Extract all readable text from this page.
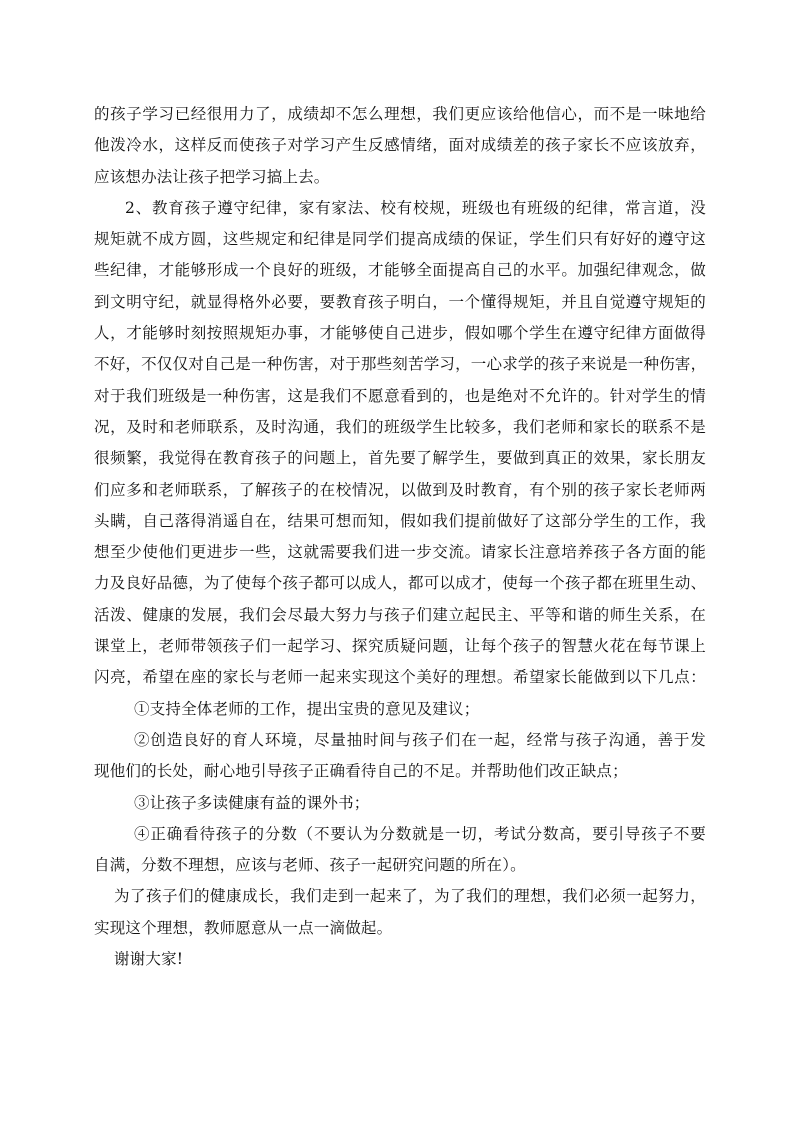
的孩子学习已经很用力了，成绩却不怎么理想，我们更应该给他信心，而不是一味地给
他泼冷水，这样反而使孩子对学习产生反感情绪，面对成绩差的孩子家长不应该放弃，
应该想办法让孩子把学习搞上去。
2、教育孩子遵守纪律，家有家法、校有校规，班级也有班级的纪律，常言道，没
规矩就不成方圆，这些规定和纪律是同学们提高成绩的保证，学生们只有好好的遵守这
些纪律，才能够形成一个良好的班级，才能够全面提高自己的水平。加强纪律观念，做
到文明守纪，就显得格外必要，要教育孩子明白，一个懂得规矩，并且自觉遵守规矩的
人，才能够时刻按照规矩办事，才能够使自己进步，假如哪个学生在遵守纪律方面做得
不好，不仅仅对自己是一种伤害，对于那些刻苦学习，一心求学的孩子来说是一种伤害，
对于我们班级是一种伤害，这是我们不愿意看到的，也是绝对不允许的。针对学生的情
况，及时和老师联系，及时沟通，我们的班级学生比较多，我们老师和家长的联系不是
很频繁，我觉得在教育孩子的问题上，首先要了解学生，要做到真正的效果，家长朋友
们应多和老师联系，了解孩子的在校情况，以做到及时教育，有个别的孩子家长老师两
头瞒，自己落得消遥自在，结果可想而知，假如我们提前做好了这部分学生的工作，我
想至少使他们更进步一些，这就需要我们进一步交流。请家长注意培养孩子各方面的能
力及良好品德，为了使每个孩子都可以成人，都可以成才，使每一个孩子都在班里生动、
活泼、健康的发展，我们会尽最大努力与孩子们建立起民主、平等和谐的师生关系，在
课堂上，老师带领孩子们一起学习、探究质疑问题，让每个孩子的智慧火花在每节课上
闪亮，希望在座的家长与老师一起来实现这个美好的理想。希望家长能做到以下几点：
①支持全体老师的工作，提出宝贵的意见及建议；
②创造良好的育人环境，尽量抽时间与孩子们在一起，经常与孩子沟通，善于发
现他们的长处，耐心地引导孩子正确看待自己的不足。并帮助他们改正缺点；
③让孩子多读健康有益的课外书；
④正确看待孩子的分数（不要认为分数就是一切，考试分数高，要引导孩子不要
自满，分数不理想，应该与老师、孩子一起研究问题的所在）。
为了孩子们的健康成长，我们走到一起来了，为了我们的理想，我们必须一起努力，
实现这个理想，教师愿意从一点一滴做起。
谢谢大家!
